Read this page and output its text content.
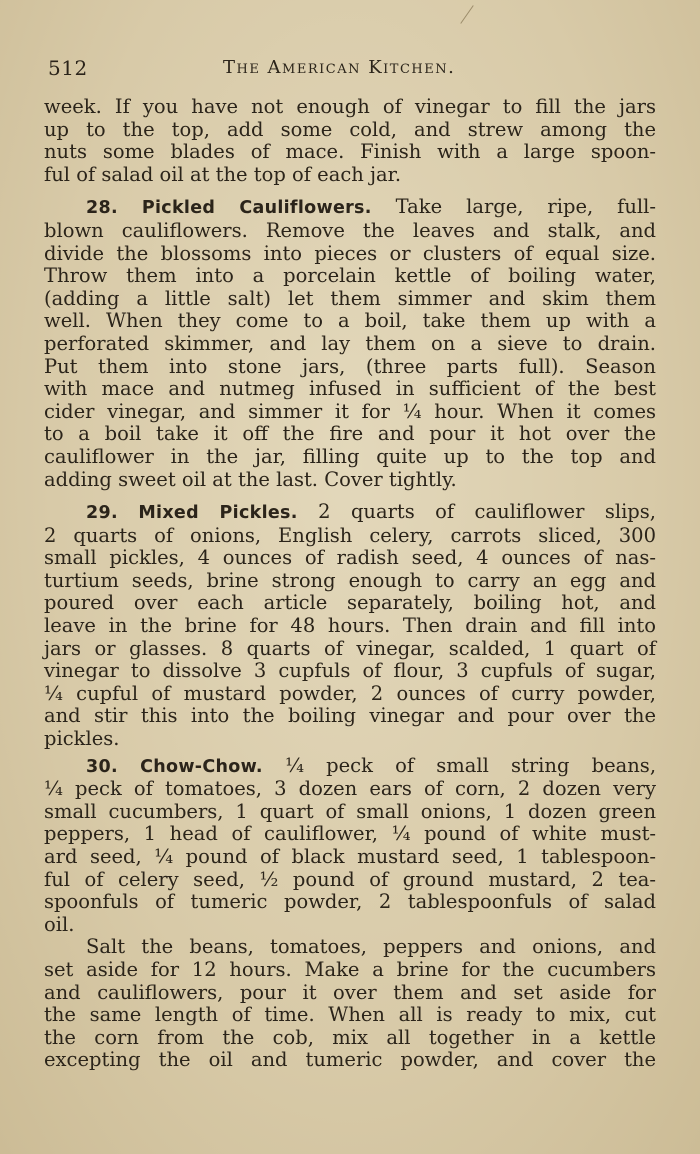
512	The American Kitchen.
week. If you have not enough of vinegar to fill the jars
up to the top, add some cold, and strew among the
nuts some blades of mace. Finish with a large spoon-
ful of salad oil at the top of each jar.
28. Pickled Cauliflowers. Take large, ripe, full-
blown cauliflowers. Remove the leaves and stalk, and
divide the blossoms into pieces or clusters of equal size.
Throw them into a porcelain kettle of boiling water,
(adding a little salt) let them simmer and skim them
well. When they come to a boil, take them up with a
perforated skimmer, and lay them on a sieve to drain.
Put them into stone jars, (three parts full). Season
with mace and nutmeg infused in sufficient of the best
cider vinegar, and simmer it for ¼ hour. When it comes
to a boil take it off the fire and pour it hot over the
cauliflower in the jar, filling quite up to the top and
adding sweet oil at the last. Cover tightly.
29. Mixed Pickles. 2 quarts of cauliflower slips,
2 quarts of onions, English celery, carrots sliced, 300
small pickles, 4 ounces of radish seed, 4 ounces of nas-
turtium seeds, brine strong enough to carry an egg and
poured over each article separately, boiling hot, and
leave in the brine for 48 hours. Then drain and fill into
jars or glasses. 8 quarts of vinegar, scalded, 1 quart of
vinegar to dissolve 3 cupfuls of flour, 3 cupfuls of sugar,
¼ cupful of mustard powder, 2 ounces of curry powder,
and stir this into the boiling vinegar and pour over the
pickles.
30. Chow-Chow. ¼ peck of small string beans,
¼ peck of tomatoes, 3 dozen ears of corn, 2 dozen very
small cucumbers, 1 quart of small onions, 1 dozen green
peppers, 1 head of cauliflower, ¼ pound of white must-
ard seed, ¼ pound of black mustard seed, 1 tablespoon-
ful of celery seed, ½ pound of ground mustard, 2 tea-
spoonfuls of tumeric powder, 2 tablespoonfuls of salad
oil.
Salt the beans, tomatoes, peppers and onions, and
set aside for 12 hours. Make a brine for the cucumbers
and cauliflowers, pour it over them and set aside for
the same length of time. When all is ready to mix, cut
the corn from the cob, mix all together in a kettle
excepting the oil and tumeric powder, and cover the
